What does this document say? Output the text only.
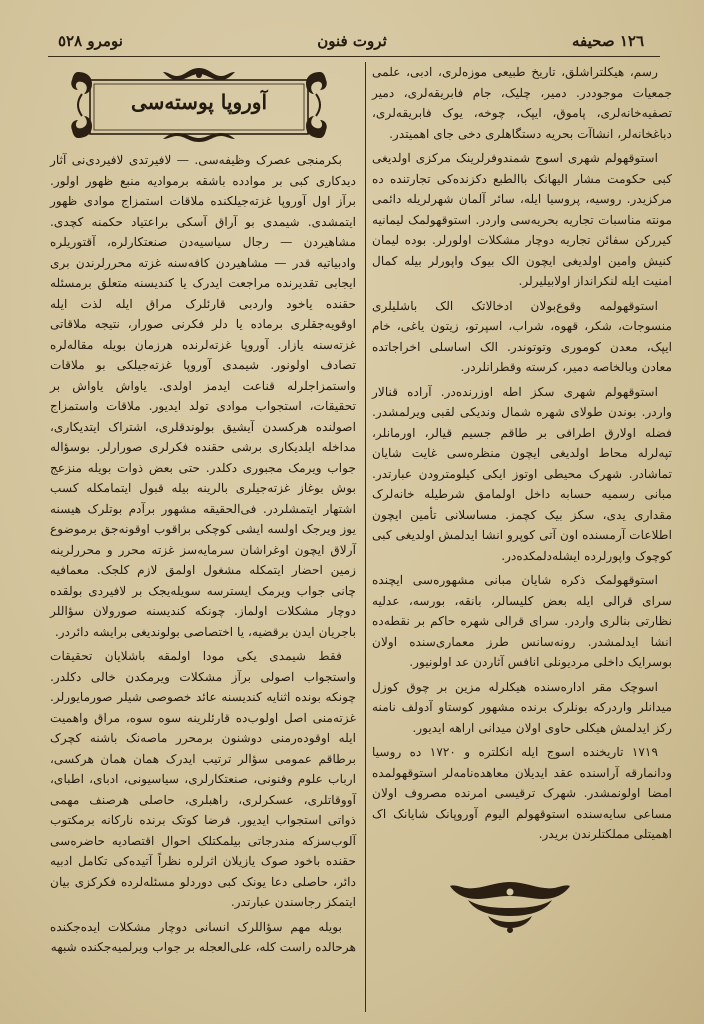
١٢٦ صحيفه
ثروت فنون
نومرو ٥٢٨

رسم، هیکلتراشلق، تاریخ طبیعی موزه‌لری، ادبی، علمی جمعیات موجوددر. دمیر، چلیک، جام فابریقه‌لری، دمیر تصفیه‌خانه‌لری، پاموق، ایپک، چوخه، یوک فابریقه‌لری، دباغخانه‌لر، انشاآت بحریه دستگاهلری دخی جای اهمیتدر.

استوقهولم شهری اسوج شمندوفرلرینک مرکزی اولدیغی کبی حکومت مشار الیهانک باالطبع دکزنده‌کی تجارتنده ده مرکزیدر. روسیه، پروسیا ایله، سائر آلمان شهرلریله دائمی مونته مناسبات تجاریه بحریه‌سی واردر. استوقهولمک لیمانیه کیررکن سفائن تجاریه دوچار مشکلات اولورلر. بوده لیمان کنیش وامین اولدیغی ایچون الک بیوک واپورلر بیله کمال امنیت ایله لنکرانداز اولابیلیرلر.

استوقهولمه وقوع‌بولان ادخالاتک الک باشلیلری منسوجات، شکر، قهوه، شراب، اسپرتو، زیتون یاغی، خام ایپک، معدن کوموری وتوتوندر. الک اساسلی اخراجاتده معادن وبالخاصه دمیر، کرسته وقطرانلردر.

استوقهولم شهری سکز اطه اوزرنده‌در. آراده قنالار واردر. بوندن طولای شهره شمال وندیکی لقبی ویرلمشدر. فضله اولارق اطرافی بر طاقم جسیم قیالر، اورمانلر، تپه‌لرله محاط اولدیغی ایچون منظره‌سی غایت شایان تماشادر. شهرک محیطی اوتوز ایکی کیلومترودن عبارتدر. مبانی رسمیه حسابه داخل اولمامق شرطیله خانه‌لرک مقداری یدی، سکز بیک کچمز. مساسلانی تأمین ایچون اطلاعات آرمسنده اون آتی کوپرو انشا ایدلمش اولدیغی کبی کوچوک واپورلرده ایشله‌دلمکده‌در.

استوقهولمک ذکره شایان مبانی مشهوره‌سی ایچنده سرای قرالی ایله بعض کلیسالر، بانقه، بورسه، عدلیه نظارتی بنالری واردر. سرای قرالی شهره حاکم بر نقطه‌ده انشا ایدلمشدر. رونه‌سانس طرز معماری‌سنده اولان بوسرایک داخلی مردیونلی انافس آثاردن عد اولونیور.

اسوچک مقر اداره‌سنده هیکلرله مزین بر چوق کوزل میدانلر واردرکه بونلرک برنده مشهور کوستاو آدولف نامنه رکز ایدلمش هیکلی حاوی اولان میدانی اراهه ایدیور.

١٧١٩ تاریخنده اسوج ایله انکلتره و ١٧٢٠ ده روسیا ودانمارقه آراسنده عقد ایدیلان معاهده‌نامه‌لر استوقهولمده امضا اولونمشدر. شهرک ترقیسی امرنده مصروف اولان مساعی سایه‌سنده استوقهولم الیوم آوروپانک شایانک اک اهمیتلی مملکتلرندن بریدر.

آوروپا پوسته‌سی

بکرمنجی عصرک وظیفه‌سی. — لافیرتدی لافیردی‌نی آثار دیدکاری کبی بر موادده باشقه برموادیه منبع ظهور اولور. برآز اول آوروپا غزته‌جیلکنده ملاقات استمزاج موادی ظهور ایتمشدی. شیمدی بو آراق آسکی براعتیاد حکمنه کچدی. مشاهیردن — رجال سیاسیه‌دن صنعتکارلره، آقتوریلره وادبیاتیه قدر — مشاهیردن کافه‌سنه غزته محررلرندن بری ایجابی تقدیرنده مراجعت ایدرک یا کندیسنه متعلق برمسئله حقنده یاخود واردبی قارئلرک مراق ایله لذت ایله اوقویه‌جقلری برماده یا دلر فکرنی صورار، نتیجه ملاقاتی غزته‌سنه یازار. آوروپا غزته‌لرنده هرزمان بویله مقاله‌لره تصادف اولونور. شیمدی آوروپا غزته‌جیلکی بو ملاقات واستمزاجلرله قناعت ایدمز اولدی. یاواش یاواش بر تحقیقات، استجواب موادی تولد ایدیور. ملاقات واستمزاج اصولنده هرکسدن آیشیق بولوندقلری، اشتراک ایتدیکاری، مداخله ایلدیکاری برشی حقنده فکرلری صورارلر. بوسؤاله جواب ویرمک مجبوری دکلدر. حتی بعض ذوات بویله منزعج بوش بوغاز غزته‌جیلری بالرینه بیله قبول ایتمامکله کسب اشتهار ایتمشلردر. فی‌الحقیقه مشهور برآدم بوتلرک هیسنه یوز ویرجک اولسه ایشی کوچکی براقوب اوقونه‌جق برموضوع آرلاق ایچون اوغراشان سرمایه‌سز غزته محرر و محررلرینه زمین احضار ایتمکله مشغول اولمق لازم کلجک. معمافیه چانی جواب ویرمک ایسترسه سویله‌یجک بر لافیردی بولقده دوچار مشکلات اولماز. چونکه کندیسنه صورولان سؤاللر باجریان ایدن برقضیه، یا اختصاصی بولوندیغی برایشه دائردر.

فقط شیمدی یکی مودا اولمقه باشلایان تحقیقات واستجواب اصولی برآز مشکلات ویرمکدن خالی دکلدر. چونکه بونده اثنایه کندیسنه عائد خصوصی شیلر صورمایورلر. غزته‌منی اصل اولوب‌ده قارئلرینه سوه سوه، مراق واهمیت ایله اوقوده‌رمنی دوشنون برمحرر ماصه‌نک باشنه کچرک برطاقم عمومی سؤالر ترتیب ایدرک همان همان هرکسی، ارباب علوم وفنونی، صنعتکارلری، سیاسیونی، ادبای، اطبای، آووقاتلری، عسکرلری، راهبلری، حاصلی هرصنف مهمی ذواتی استجواب ایدیور. فرضا کوتک برنده نارکانه برمکتوب آلوب‌سزکه مندرجاتی بیلمکتلک احوال اقتصادیه حاضره‌سی حقنده باخود صوک یازیلان اثرلره نظراً آتیده‌کی تکامل ادبیه دائر، حاصلی دعا یونک کبی دوردلو مسئله‌لرده فکرکزی بیان ایتمکز رجاسندن عبارتدر.

بویله مهم سؤاللرک انسانی دوچار مشکلات ایده‌جکنده هرحالده راست کله، علی‌العجله بر جواب ویرلمیه‌جکنده شبهه
